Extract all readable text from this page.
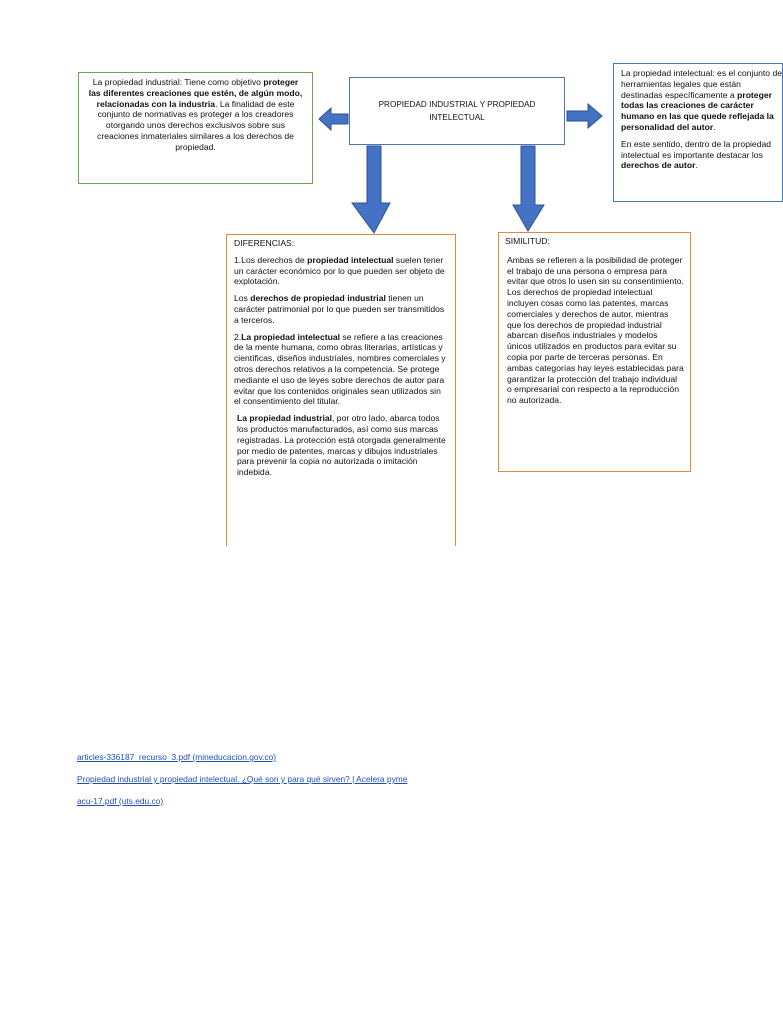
PROPIEDAD INDUSTRIAL Y PROPIEDAD INTELECTUAL

La propiedad industrial: Tiene como objetivo proteger las diferentes creaciones que estén, de algún modo, relacionadas con la industria. La finalidad de este conjunto de normativas es proteger a los creadores otorgando unos derechos exclusivos sobre sus creaciones inmateriales similares a los derechos de propiedad.

La propiedad intelectual: es el conjunto de herramientas legales que están destinadas específicamente a proteger todas las creaciones de carácter humano en las que quede reflejada la personalidad del autor.

En este sentido, dentro de la propiedad intelectual es importante destacar los derechos de autor.

DIFERENCIAS:

1.Los derechos de propiedad intelectual suelen tener un carácter económico por lo que pueden ser objeto de explotación.

Los derechos de propiedad industrial tienen un carácter patrimonial por lo que pueden ser transmitidos a terceros.

2.La propiedad intelectual se refiere a las creaciones de la mente humana, como obras literarias, artísticas y científicas, diseños industriales, nombres comerciales y otros derechos relativos a la competencia. Se protege mediante el uso de leyes sobre derechos de autor para evitar que los contenidos originales sean utilizados sin el consentimiento del titular.

La propiedad industrial, por otro lado, abarca todos los productos manufacturados, así como sus marcas registradas. La protección está otorgada generalmente por medio de patentes, marcas y dibujos industriales para prevenir la copia no autorizada o imitación indebida.

SIMILITUD:

Ambas se refieren a la posibilidad de proteger el trabajo de una persona o empresa para evitar que otros lo usen sin su consentimiento. Los derechos de propiedad intelectual incluyen cosas como las patentes, marcas comerciales y derechos de autor, mientras que los derechos de propiedad industrial abarcan diseños industriales y modelos únicos utilizados en productos para evitar su copia por parte de terceras personas. En ambas categorías hay leyes establecidas para garantizar la protección del trabajo individual o empresarial con respecto a la reproducción no autorizada.

articles-336187_recurso_3.pdf (mineducacion.gov.co)
Propiedad industrial y propiedad intelectual. ¿Qué son y para qué sirven? | Acelera pyme
acu-17.pdf (uts.edu.co)
